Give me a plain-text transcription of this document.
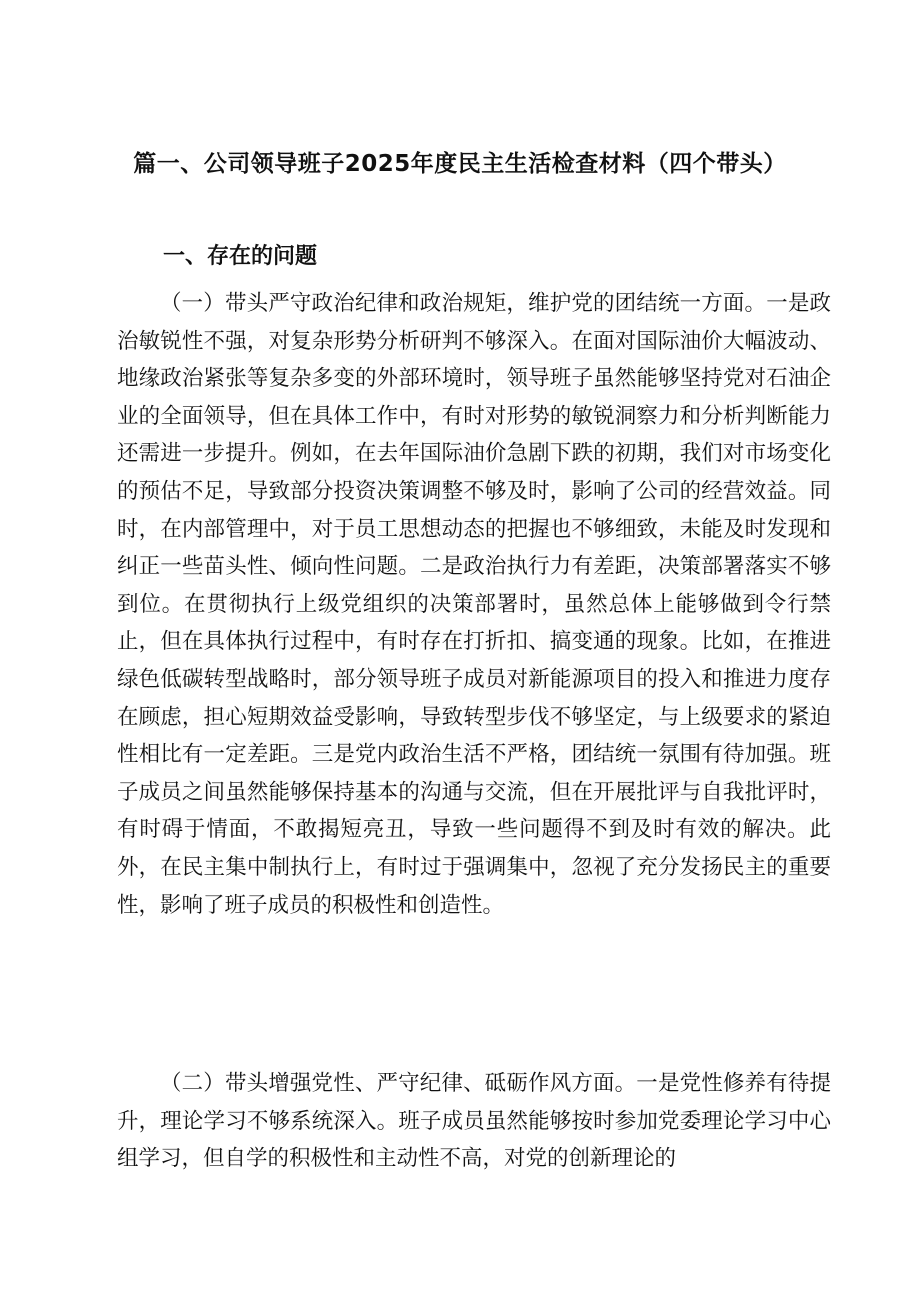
篇一、公司领导班子2025年度民主生活检查材料（四个带头）
一、存在的问题

（一）带头严守政治纪律和政治规矩，维护党的团结统一方面。一是政治敏锐性不强，对复杂形势分析研判不够深入。在面对国际油价大幅波动、地缘政治紧张等复杂多变的外部环境时，领导班子虽然能够坚持党对石油企业的全面领导，但在具体工作中，有时对形势的敏锐洞察力和分析判断能力还需进一步提升。例如，在去年国际油价急剧下跌的初期，我们对市场变化的预估不足，导致部分投资决策调整不够及时，影响了公司的经营效益。同时，在内部管理中，对于员工思想动态的把握也不够细致，未能及时发现和纠正一些苗头性、倾向性问题。二是政治执行力有差距，决策部署落实不够到位。在贯彻执行上级党组织的决策部署时，虽然总体上能够做到令行禁止，但在具体执行过程中，有时存在打折扣、搞变通的现象。比如，在推进绿色低碳转型战略时，部分领导班子成员对新能源项目的投入和推进力度存在顾虑，担心短期效益受影响，导致转型步伐不够坚定，与上级要求的紧迫性相比有一定差距。三是党内政治生活不严格，团结统一氛围有待加强。班子成员之间虽然能够保持基本的沟通与交流，但在开展批评与自我批评时，有时碍于情面，不敢揭短亮丑，导致一些问题得不到及时有效的解决。此外，在民主集中制执行上，有时过于强调集中，忽视了充分发扬民主的重要性，影响了班子成员的积极性和创造性。

（二）带头增强党性、严守纪律、砥砺作风方面。一是党性修养有待提升，理论学习不够系统深入。班子成员虽然能够按时参加党委理论学习中心组学习，但自学的积极性和主动性不高，对党的创新理论的
